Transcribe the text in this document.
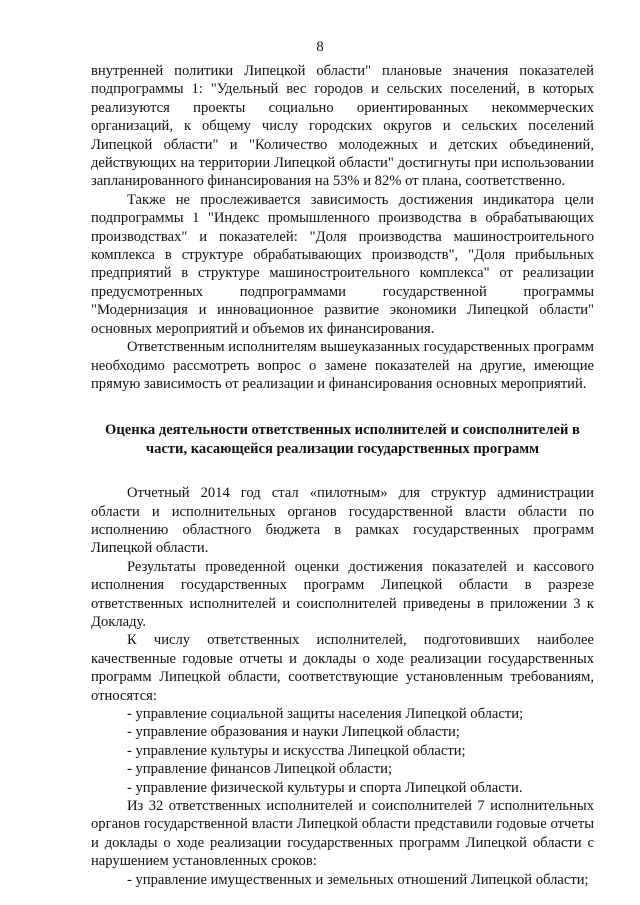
8

внутренней политики Липецкой области" плановые значения показателей подпрограммы 1: "Удельный вес городов и сельских поселений, в которых реализуются проекты социально ориентированных некоммерческих организаций, к общему числу городских округов и сельских поселений Липецкой области" и "Количество молодежных и детских объединений, действующих на территории Липецкой области" достигнуты при использовании запланированного финансирования на 53% и 82% от плана, соответственно.

Также не прослеживается зависимость достижения индикатора цели подпрограммы 1 "Индекс промышленного производства в обрабатывающих производствах" и показателей: "Доля производства машиностроительного комплекса в структуре обрабатывающих производств", "Доля прибыльных предприятий в структуре машиностроительного комплекса" от реализации предусмотренных подпрограммами государственной программы "Модернизация и инновационное развитие экономики Липецкой области" основных мероприятий и объемов их финансирования.

Ответственным исполнителям вышеуказанных государственных программ необходимо рассмотреть вопрос о замене показателей на другие, имеющие прямую зависимость от реализации и финансирования основных мероприятий.

Оценка деятельности ответственных исполнителей и соисполнителей в

части, касающейся реализации государственных программ

Отчетный 2014 год стал «пилотным» для структур администрации области и исполнительных органов государственной власти области по исполнению областного бюджета в рамках государственных программ Липецкой области.

Результаты проведенной оценки достижения показателей и кассового исполнения государственных программ Липецкой области в разрезе ответственных исполнителей и соисполнителей приведены в приложении 3 к Докладу.

К числу ответственных исполнителей, подготовивших наиболее качественные годовые отчеты и доклады о ходе реализации государственных программ Липецкой области, соответствующие установленным требованиям, относятся:

- управление социальной защиты населения Липецкой области;
- управление образования и науки Липецкой области;
- управление культуры и искусства Липецкой области;
- управление финансов Липецкой области;
- управление физической культуры и спорта Липецкой области.

Из 32 ответственных исполнителей и соисполнителей 7 исполнительных органов государственной власти Липецкой области представили годовые отчеты и доклады о ходе реализации государственных программ Липецкой области с нарушением установленных сроков:

- управление имущественных и земельных отношений Липецкой области;
